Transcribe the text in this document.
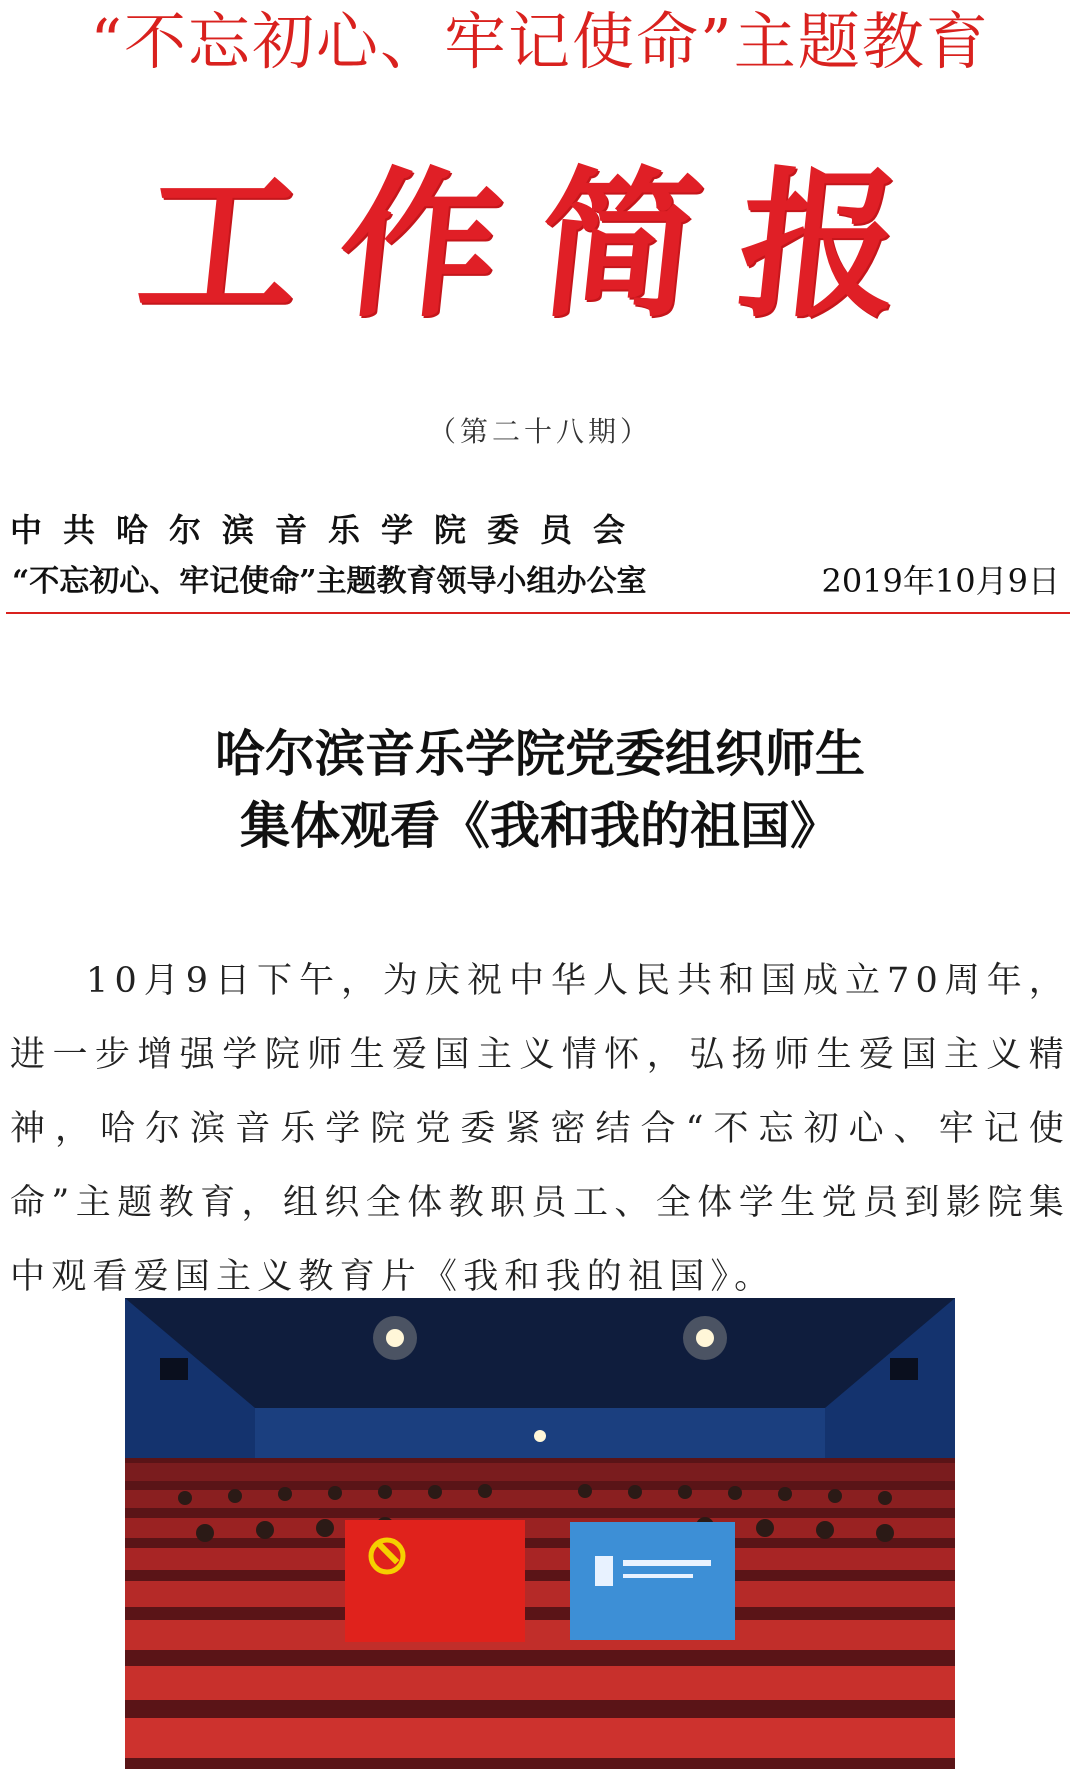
“不忘初心、牢记使命”主题教育
工作简报
（第二十八期）
中共哈尔滨音乐学院委员会
“不忘初心、牢记使命”主题教育领导小组办公室	2019年10月9日
哈尔滨音乐学院党委组织师生
集体观看《我和我的祖国》

10月9日下午，为庆祝中华人民共和国成立70周年，进一步增强学院师生爱国主义情怀，弘扬师生爱国主义精神，哈尔滨音乐学院党委紧密结合“不忘初心、牢记使命”主题教育，组织全体教职员工、全体学生党员到影院集中观看爱国主义教育片《我和我的祖国》。
